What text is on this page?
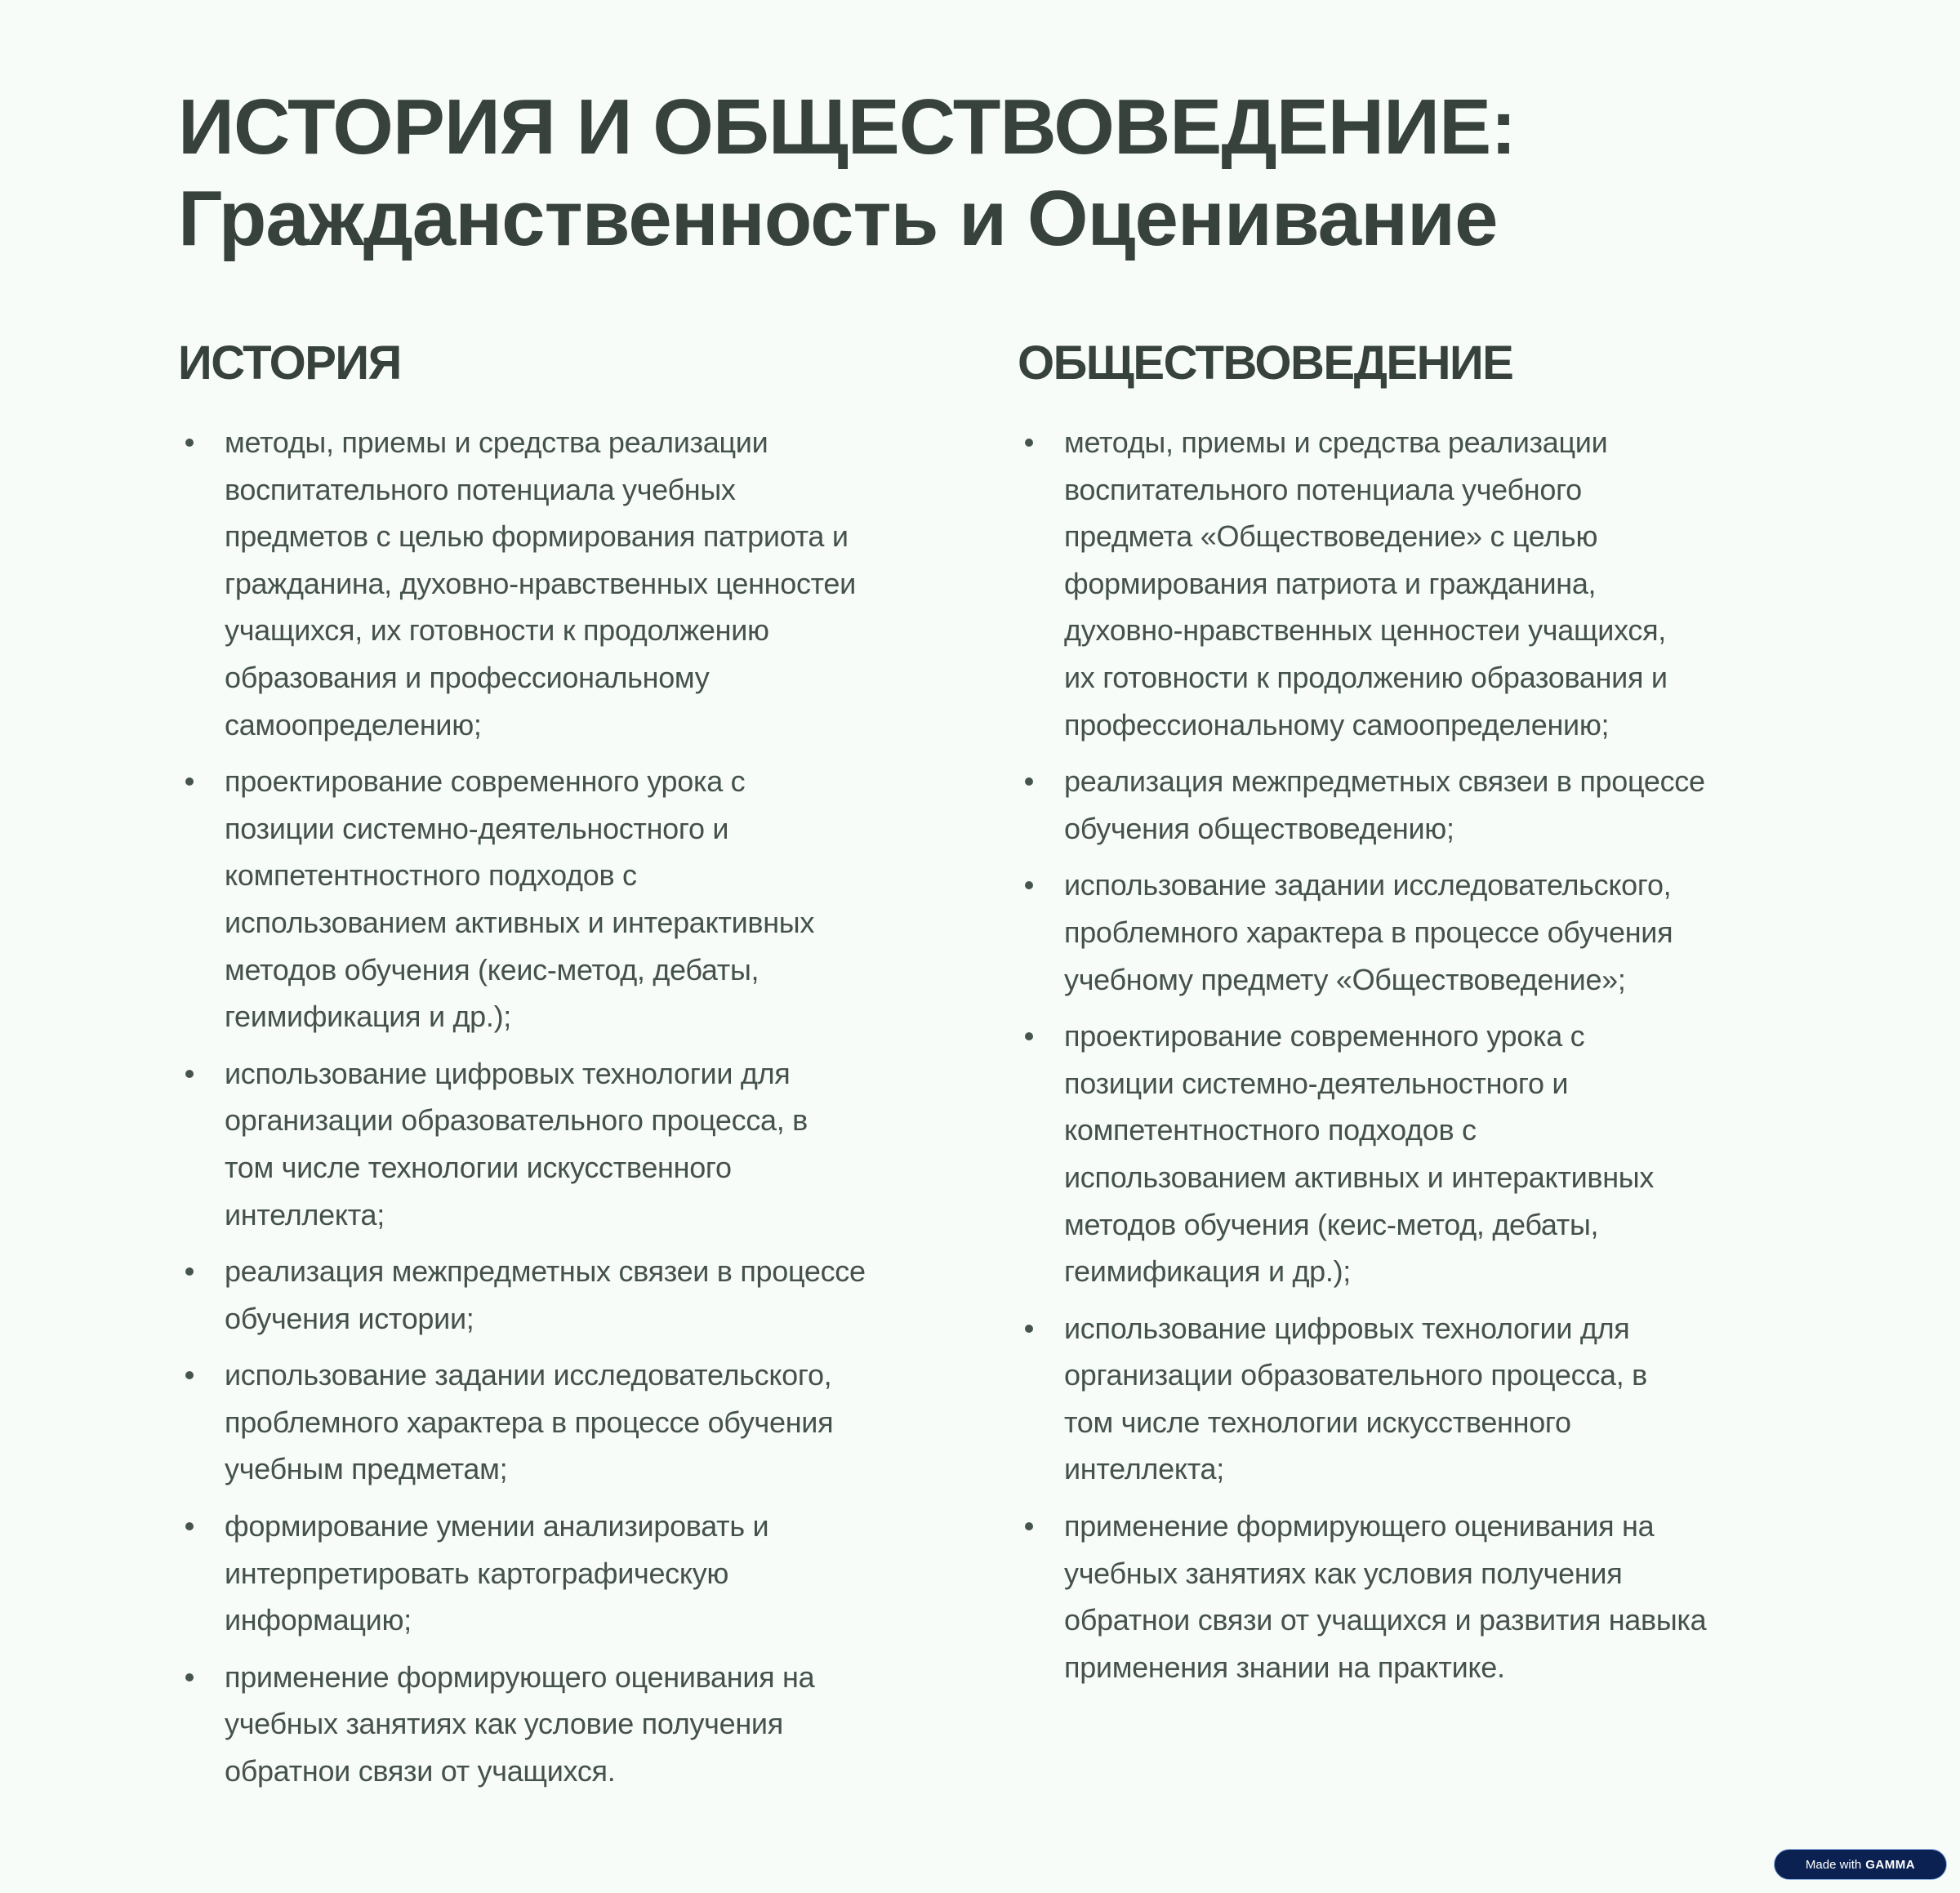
ИСТОРИЯ И ОБЩЕСТВОВЕДЕНИЕ:
Гражданственность и Оценивание
ИСТОРИЯ
методы, приемы и средства реализации
воспитательного потенциала учебных
предметов с целью формирования патриота и
гражданина, духовно-нравственных ценностеи
учащихся, их готовности к продолжению
образования и профессиональному
самоопределению;
проектирование современного урока с
позиции системно-деятельностного и
компетентностного подходов с
использованием активных и интерактивных
методов обучения (кеис-метод, дебаты,
геимификация и др.);
использование цифровых технологии для
организации образовательного процесса, в
том числе технологии искусственного
интеллекта;
реализация межпредметных связеи в процессе
обучения истории;
использование задании исследовательского,
проблемного характера в процессе обучения
учебным предметам;
формирование умении анализировать и
интерпретировать картографическую
информацию;
применение формирующего оценивания на
учебных занятиях как условие получения
обратнои связи от учащихся.
ОБЩЕСТВОВЕДЕНИЕ
методы, приемы и средства реализации
воспитательного потенциала учебного
предмета «Обществоведение» с целью
формирования патриота и гражданина,
духовно-нравственных ценностеи учащихся,
их готовности к продолжению образования и
профессиональному самоопределению;
реализация межпредметных связеи в процессе
обучения обществоведению;
использование задании исследовательского,
проблемного характера в процессе обучения
учебному предмету «Обществоведение»;
проектирование современного урока с
позиции системно-деятельностного и
компетентностного подходов с
использованием активных и интерактивных
методов обучения (кеис-метод, дебаты,
геимификация и др.);
использование цифровых технологии для
организации образовательного процесса, в
том числе технологии искусственного
интеллекта;
применение формирующего оценивания на
учебных занятиях как условия получения
обратнои связи от учащихся и развития навыка
применения знании на практике.
Made with GAMMA
